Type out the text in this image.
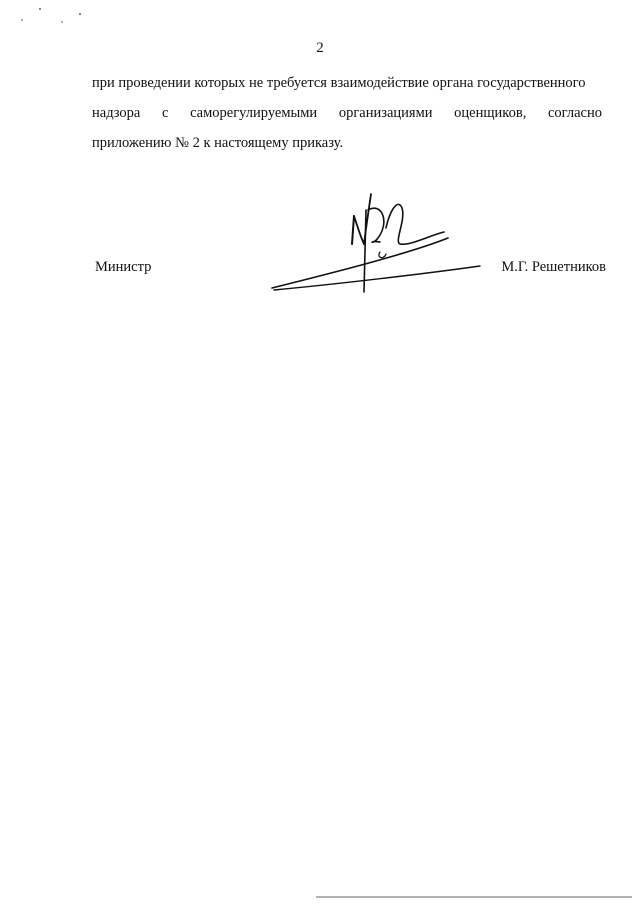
2
при проведении которых не требуется взаимодействие органа государственного
надзора с саморегулируемыми организациями оценщиков, согласно
приложению № 2 к настоящему приказу.
Министр	М.Г. Решетников
